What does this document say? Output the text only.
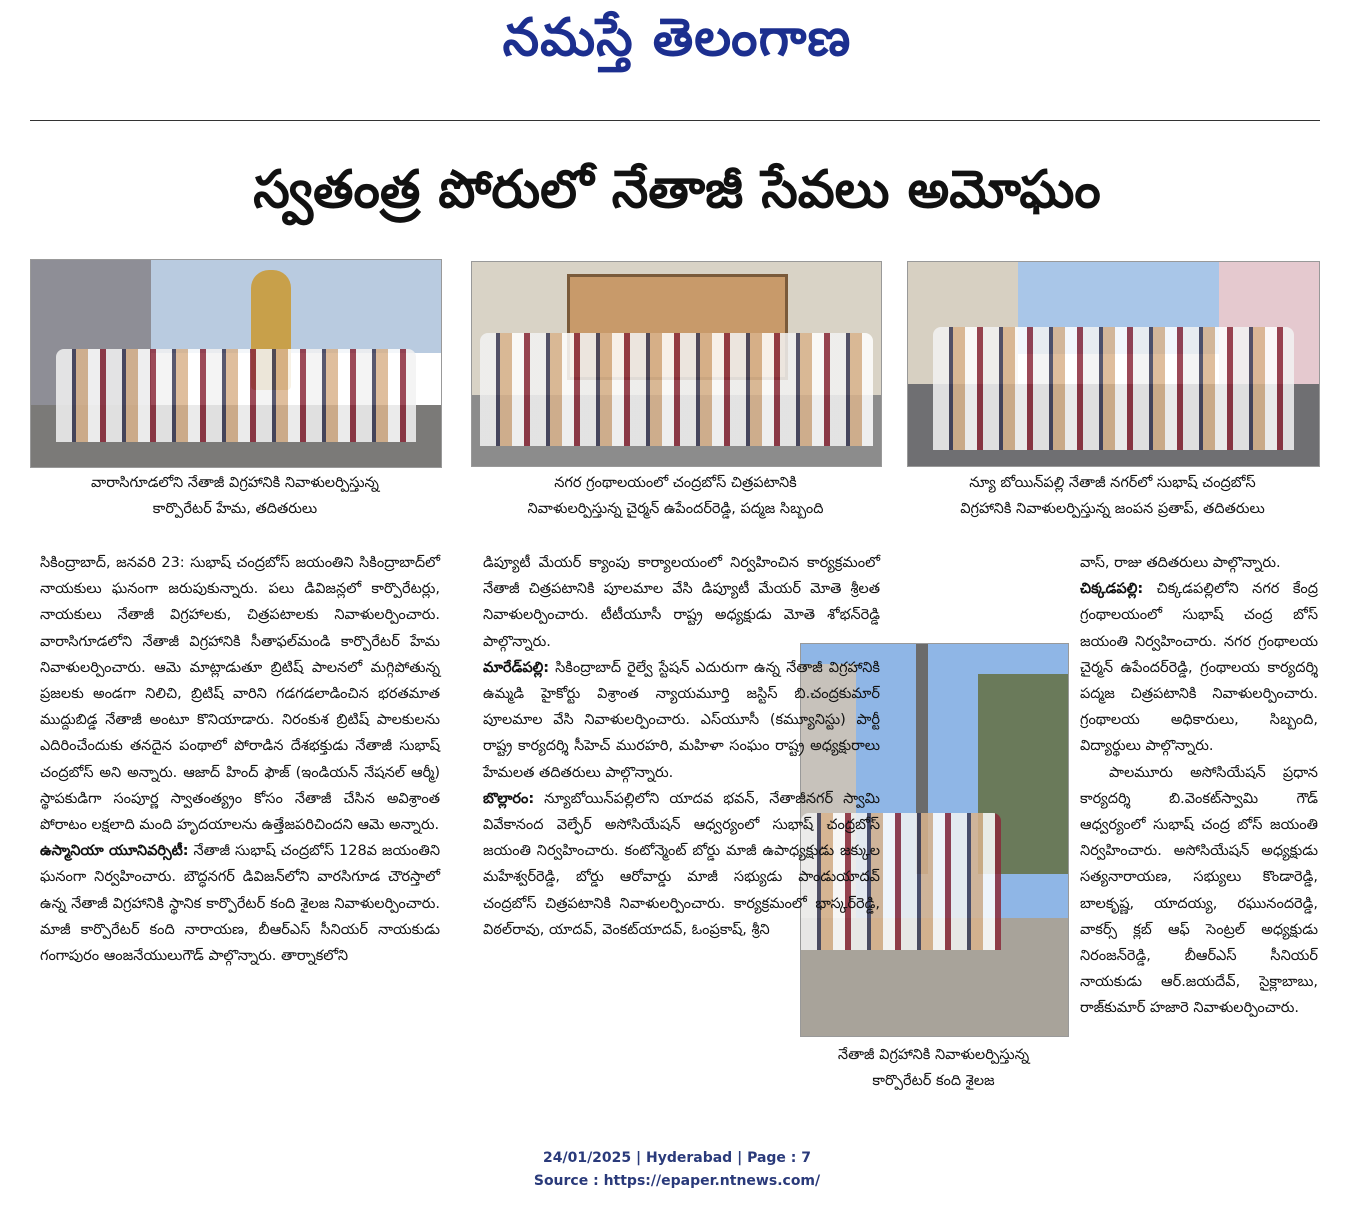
నమస్తే తెలంగాణ
స్వతంత్ర పోరులో నేతాజీ సేవలు అమోఘం
వారాసిగూడలోని నేతాజీ విగ్రహానికి నివాళులర్పిస్తున్న
కార్పొరేటర్ హేమ, తదితరులు
నగర గ్రంథాలయంలో చంద్రబోస్ చిత్రపటానికి
నివాళులర్పిస్తున్న చైర్మన్ ఉపేందర్‌రెడ్డి, పద్మజ సిబ్బంది
న్యూ బోయిన్‌పల్లి నేతాజీ నగర్‌లో సుభాష్ చంద్రబోస్
విగ్రహానికి నివాళులర్పిస్తున్న జంపన ప్రతాప్, తదితరులు
నేతాజీ విగ్రహానికి నివాళులర్పిస్తున్న
కార్పొరేటర్ కంది శైలజ

సికింద్రాబాద్, జనవరి 23: సుభాష్ చంద్రబోస్ జయంతిని సికింద్రాబాద్‌లో నాయకులు ఘనంగా జరుపుకున్నారు. పలు డివిజన్లలో కార్పొరేటర్లు, నాయకులు నేతాజీ విగ్రహాలకు, చిత్రపటాలకు నివాళులర్పించారు. వారాసిగూడలోని నేతాజీ విగ్రహానికి సీతాఫల్‌మండి కార్పొరేటర్ హేమ నివాళులర్పించారు. ఆమె మాట్లాడుతూ బ్రిటిష్ పాలనలో మగ్గిపోతున్న ప్రజలకు అండగా నిలిచి, బ్రిటిష్ వారిని గడగడలాడించిన భరతమాత ముద్దుబిడ్డ నేతాజీ అంటూ కొనియాడారు. నిరంకుశ బ్రిటిష్ పాలకులను ఎదిరించేందుకు తనదైన పంథాలో పోరాడిన దేశభక్తుడు నేతాజీ సుభాష్ చంద్రబోస్ అని అన్నారు. ఆజాద్ హింద్ ఫౌజ్ (ఇండియన్ నేషనల్ ఆర్మీ) స్థాపకుడిగా సంపూర్ణ స్వాతంత్య్రం కోసం నేతాజీ చేసిన అవిశ్రాంత పోరాటం లక్షలాది మంది హృదయాలను ఉత్తేజపరిచిందని ఆమె అన్నారు.

ఉస్మానియా యూనివర్సిటీ: నేతాజీ సుభాష్ చంద్రబోస్ 128వ జయంతిని ఘనంగా నిర్వహించారు. బౌద్ధనగర్ డివిజన్‌లోని వారసిగూడ చౌరస్తాలో ఉన్న నేతాజీ విగ్రహానికి స్థానిక కార్పొరేటర్ కంది శైలజ నివాళులర్పించారు. మాజీ కార్పొరేటర్ కంది నారాయణ, బీఆర్ఎస్ సీనియర్ నాయకుడు గంగాపురం ఆంజనేయులుగౌడ్ పాల్గొన్నారు. తార్నాకలోని

డిప్యూటీ మేయర్ క్యాంపు కార్యాలయంలో నిర్వహించిన కార్యక్రమంలో నేతాజీ చిత్రపటానికి పూలమాల వేసి డిప్యూటీ మేయర్ మోతె శ్రీలత నివాళులర్పించారు. టీటీయూసీ రాష్ట్ర అధ్యక్షుడు మోతె శోభన్‌రెడ్డి పాల్గొన్నారు.

మారేడ్‌పల్లి: సికింద్రాబాద్ రైల్వే స్టేషన్ ఎదురుగా ఉన్న నేతాజీ విగ్రహానికి ఉమ్మడి హైకోర్టు విశ్రాంత న్యాయమూర్తి జస్టిస్ బి.చంద్రకుమార్ పూలమాల వేసి నివాళులర్పించారు. ఎస్‌యూసీ (కమ్యూనిస్టు) పార్టీ రాష్ట్ర కార్యదర్శి సీహెచ్ మురహరి, మహిళా సంఘం రాష్ట్ర అధ్యక్షురాలు హేమలత తదితరులు పాల్గొన్నారు.

బొల్లారం: న్యూబోయిన్‌పల్లిలోని యాదవ భవన్, నేతాజీనగర్ స్వామి వివేకానంద వెల్ఫేర్ అసోసియేషన్ ఆధ్వర్యంలో సుభాష్ చంద్రబోస్ జయంతి నిర్వహించారు. కంటోన్మెంట్ బోర్డు మాజీ ఉపాధ్యక్షుడు జక్కుల మహేశ్వర్‌రెడ్డి, బోర్డు ఆరోవార్డు మాజీ సభ్యుడు పాండుయాదవ్ చంద్రబోస్ చిత్రపటానికి నివాళులర్పించారు. కార్యక్రమంలో భాస్కర్‌రెడ్డి, విఠల్‌రావు, యాదవ్, వెంకట్‌యాదవ్, ఓంప్రకాష్, శ్రీని

వాస్, రాజు తదితరులు పాల్గొన్నారు.

చిక్కడపల్లి: చిక్కడపల్లిలోని నగర కేంద్ర గ్రంథాలయంలో సుభాష్ చంద్ర బోస్ జయంతి నిర్వహించారు. నగర గ్రంథాలయ చైర్మన్ ఉపేందర్‌రెడ్డి, గ్రంథాలయ కార్యదర్శి పద్మజ చిత్రపటానికి నివాళులర్పించారు. గ్రంథాలయ అధికారులు, సిబ్బంది, విద్యార్థులు పాల్గొన్నారు.

పాలమూరు అసోసియేషన్ ప్రధాన కార్యదర్శి బి.వెంకట్‌స్వామి గౌడ్ ఆధ్వర్యంలో సుభాష్ చంద్ర బోస్ జయంతి నిర్వహించారు. అసోసియేషన్ అధ్యక్షుడు సత్యనారాయణ, సభ్యులు కొండారెడ్డి, బాలకృష్ణ, యాదయ్య, రఘునందరెడ్డి, వాకర్స్ క్లబ్ ఆఫ్ సెంట్రల్ అధ్యక్షుడు నిరంజన్‌రెడ్డి, బీఆర్ఎస్ సీనియర్ నాయకుడు ఆర్.జయదేవ్, సైక్లాబాబు, రాజ్‌కుమార్ హజారె నివాళులర్పించారు.

24/01/2025 | Hyderabad | Page : 7
Source : https://epaper.ntnews.com/
